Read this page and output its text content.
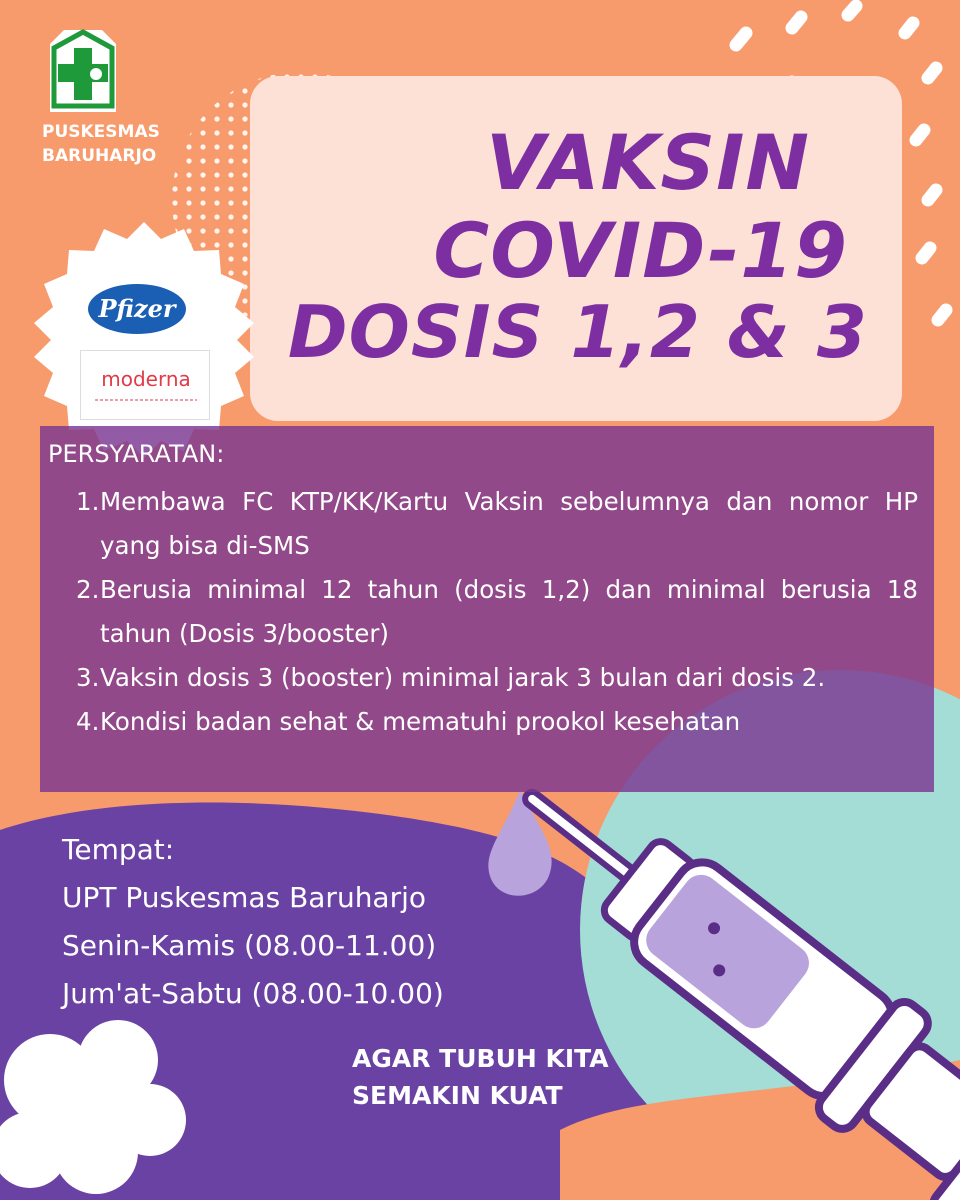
PUSKESMAS
BARUHARJO	VAKSIN
COVID-19
DOSIS 1,2 & 3
Pfizer
moderna
PERSYARATAN:
1. Membawa FC KTP/KK/Kartu Vaksin sebelumnya dan nomor HP yang bisa di-SMS
2. Berusia minimal 12 tahun (dosis 1,2) dan minimal berusia 18 tahun (Dosis 3/booster)
3. Vaksin dosis 3 (booster) minimal jarak 3 bulan dari dosis 2.
4. Kondisi badan sehat & mematuhi prookol kesehatan
Tempat:
UPT Puskesmas Baruharjo
Senin-Kamis (08.00-11.00)
Jum'at-Sabtu (08.00-10.00)
AGAR TUBUH KITA
SEMAKIN KUAT
